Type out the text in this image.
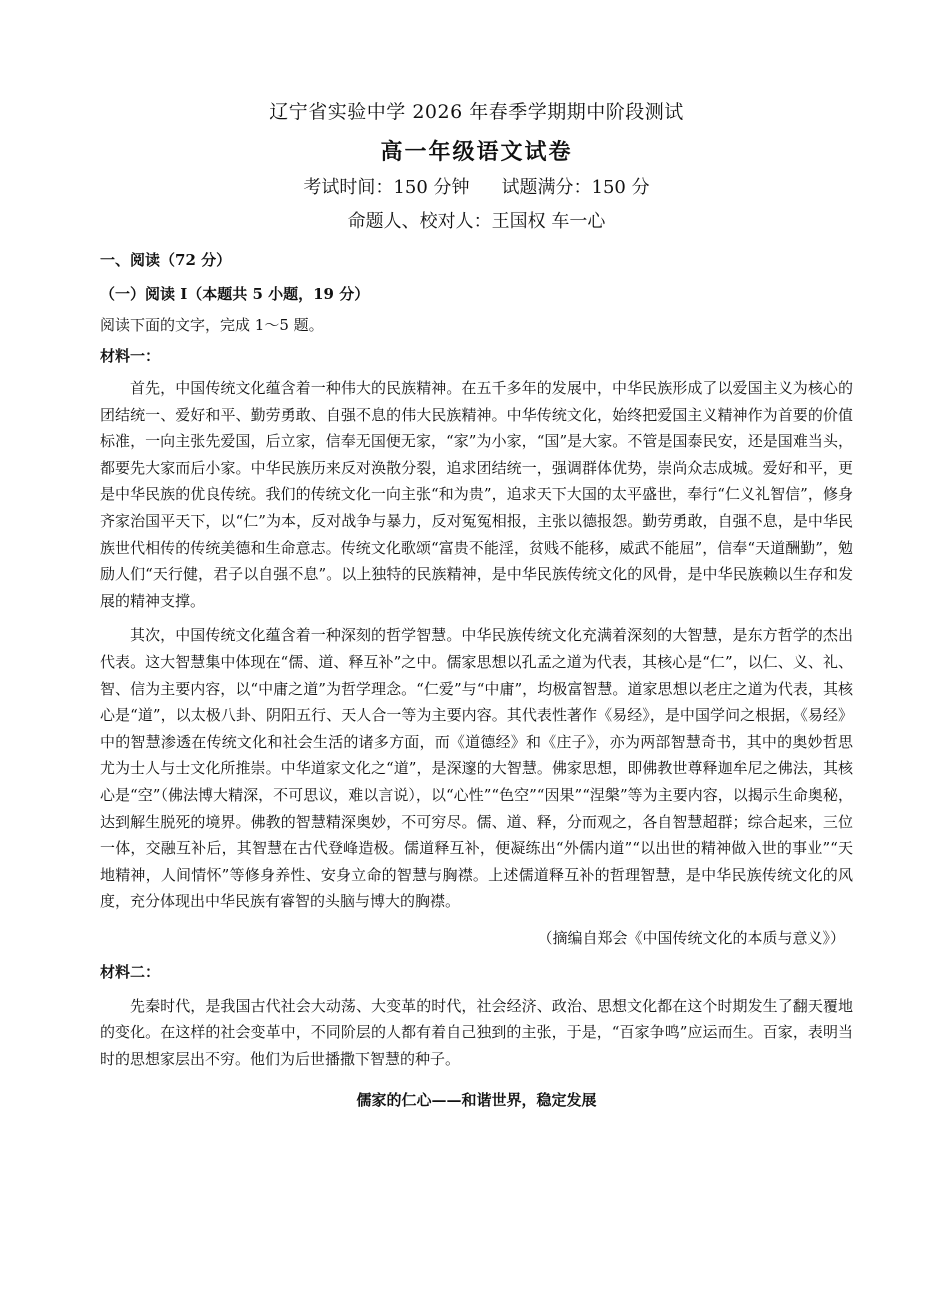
辽宁省实验中学 2026 年春季学期期中阶段测试

高一年级语文试卷

考试时间：150 分钟 试题满分：150 分

命题人、校对人：王国权 车一心

一、阅读（72 分）

（一）阅读 I（本题共 5 小题，19 分）

阅读下面的文字，完成 1～5 题。

材料一：

首先，中国传统文化蕴含着一种伟大的民族精神。在五千多年的发展中，中华民族形成了以爱国主义为核心的团结统一、爱好和平、勤劳勇敢、自强不息的伟大民族精神。中华传统文化，始终把爱国主义精神作为首要的价值标准，一向主张先爱国，后立家，信奉无国便无家，“家”为小家，“国”是大家。不管是国泰民安，还是国难当头，都要先大家而后小家。中华民族历来反对涣散分裂，追求团结统一，强调群体优势，崇尚众志成城。爱好和平，更是中华民族的优良传统。我们的传统文化一向主张“和为贵”，追求天下大国的太平盛世，奉行“仁义礼智信”，修身齐家治国平天下，以“仁”为本，反对战争与暴力，反对冤冤相报，主张以德报怨。勤劳勇敢，自强不息，是中华民族世代相传的传统美德和生命意志。传统文化歌颂“富贵不能淫，贫贱不能移，威武不能屈”，信奉“天道酬勤”，勉励人们“天行健，君子以自强不息”。以上独特的民族精神，是中华民族传统文化的风骨，是中华民族赖以生存和发展的精神支撑。

其次，中国传统文化蕴含着一种深刻的哲学智慧。中华民族传统文化充满着深刻的大智慧，是东方哲学的杰出代表。这大智慧集中体现在“儒、道、释互补”之中。儒家思想以孔孟之道为代表，其核心是“仁”，以仁、义、礼、智、信为主要内容，以“中庸之道”为哲学理念。“仁爱”与“中庸”，均极富智慧。道家思想以老庄之道为代表，其核心是“道”，以太极八卦、阴阳五行、天人合一等为主要内容。其代表性著作《易经》，是中国学问之根据，《易经》中的智慧渗透在传统文化和社会生活的诸多方面，而《道德经》和《庄子》，亦为两部智慧奇书，其中的奥妙哲思尤为士人与士文化所推崇。中华道家文化之“道”，是深邃的大智慧。佛家思想，即佛教世尊释迦牟尼之佛法，其核心是“空”（佛法博大精深，不可思议，难以言说），以“心性”“色空”“因果”“涅槃”等为主要内容，以揭示生命奥秘，达到解生脱死的境界。佛教的智慧精深奥妙，不可穷尽。儒、道、释，分而观之，各自智慧超群；综合起来，三位一体，交融互补后，其智慧在古代登峰造极。儒道释互补，便凝练出“外儒内道”“以出世的精神做入世的事业”“天地精神，人间情怀”等修身养性、安身立命的智慧与胸襟。上述儒道释互补的哲理智慧，是中华民族传统文化的风度，充分体现出中华民族有睿智的头脑与博大的胸襟。

（摘编自郑会《中国传统文化的本质与意义》）

材料二：

先秦时代，是我国古代社会大动荡、大变革的时代，社会经济、政治、思想文化都在这个时期发生了翻天覆地的变化。在这样的社会变革中，不同阶层的人都有着自己独到的主张，于是，“百家争鸣”应运而生。百家，表明当时的思想家层出不穷。他们为后世播撒下智慧的种子。

儒家的仁心——和谐世界，稳定发展
